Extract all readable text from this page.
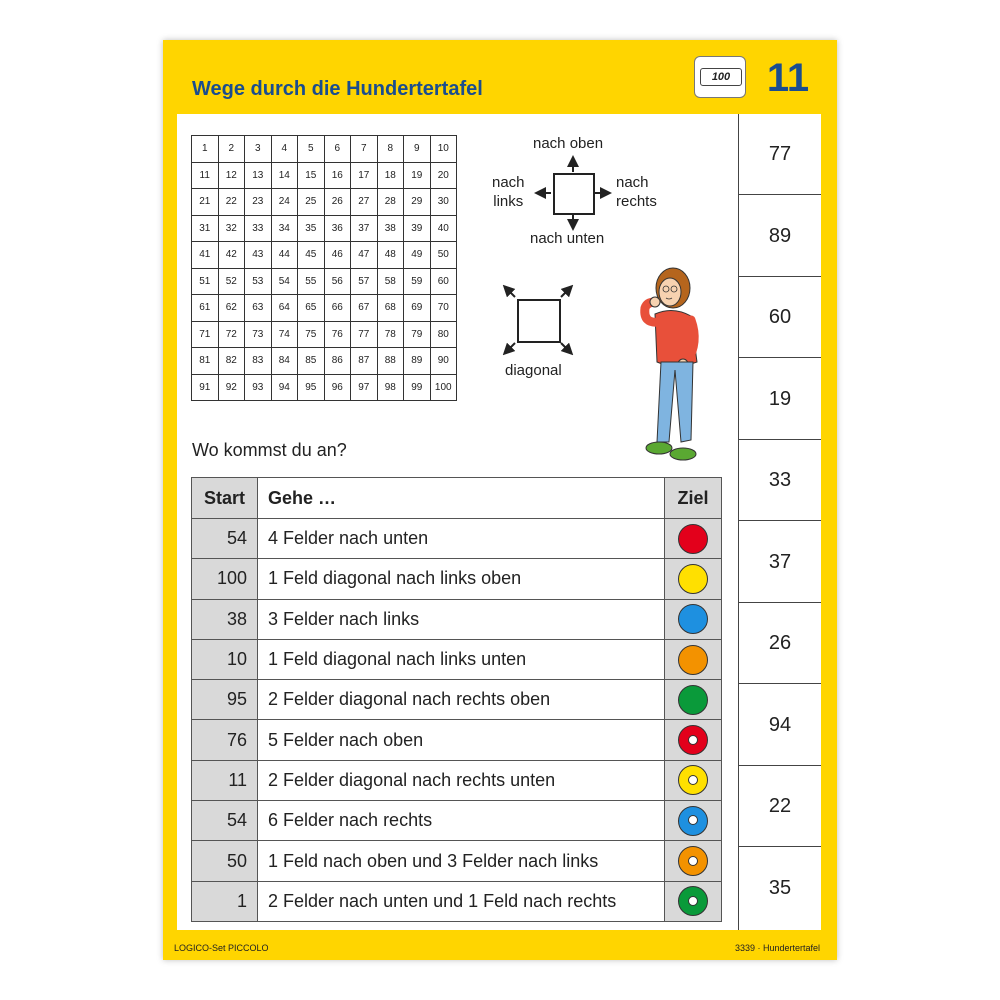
Wege durch die Hundertertafel
100 11
77
89
60
19
33
37
26
94
22
35
1	2	3	4	5	6	7	8	9	10
11	12	13	14	15	16	17	18	19	20
21	22	23	24	25	26	27	28	29	30
31	32	33	34	35	36	37	38	39	40
41	42	43	44	45	46	47	48	49	50
51	52	53	54	55	56	57	58	59	60
61	62	63	64	65	66	67	68	69	70
71	72	73	74	75	76	77	78	79	80
81	82	83	84	85	86	87	88	89	90
91	92	93	94	95	96	97	98	99	100
nach oben
nach
links
nach
rechts
nach unten
diagonal
Wo kommst du an?
Start	Gehe …	Ziel
54	4 Felder nach unten	
100	1 Feld diagonal nach links oben	
38	3 Felder nach links	
10	1 Feld diagonal nach links unten	
95	2 Felder diagonal nach rechts oben	
76	5 Felder nach oben	
11	2 Felder diagonal nach rechts unten	
54	6 Felder nach rechts	
50	1 Feld nach oben und 3 Felder nach links	
1	2 Felder nach unten und 1 Feld nach rechts	
LOGICO-Set PICCOLO	3339 · Hundertertafel
